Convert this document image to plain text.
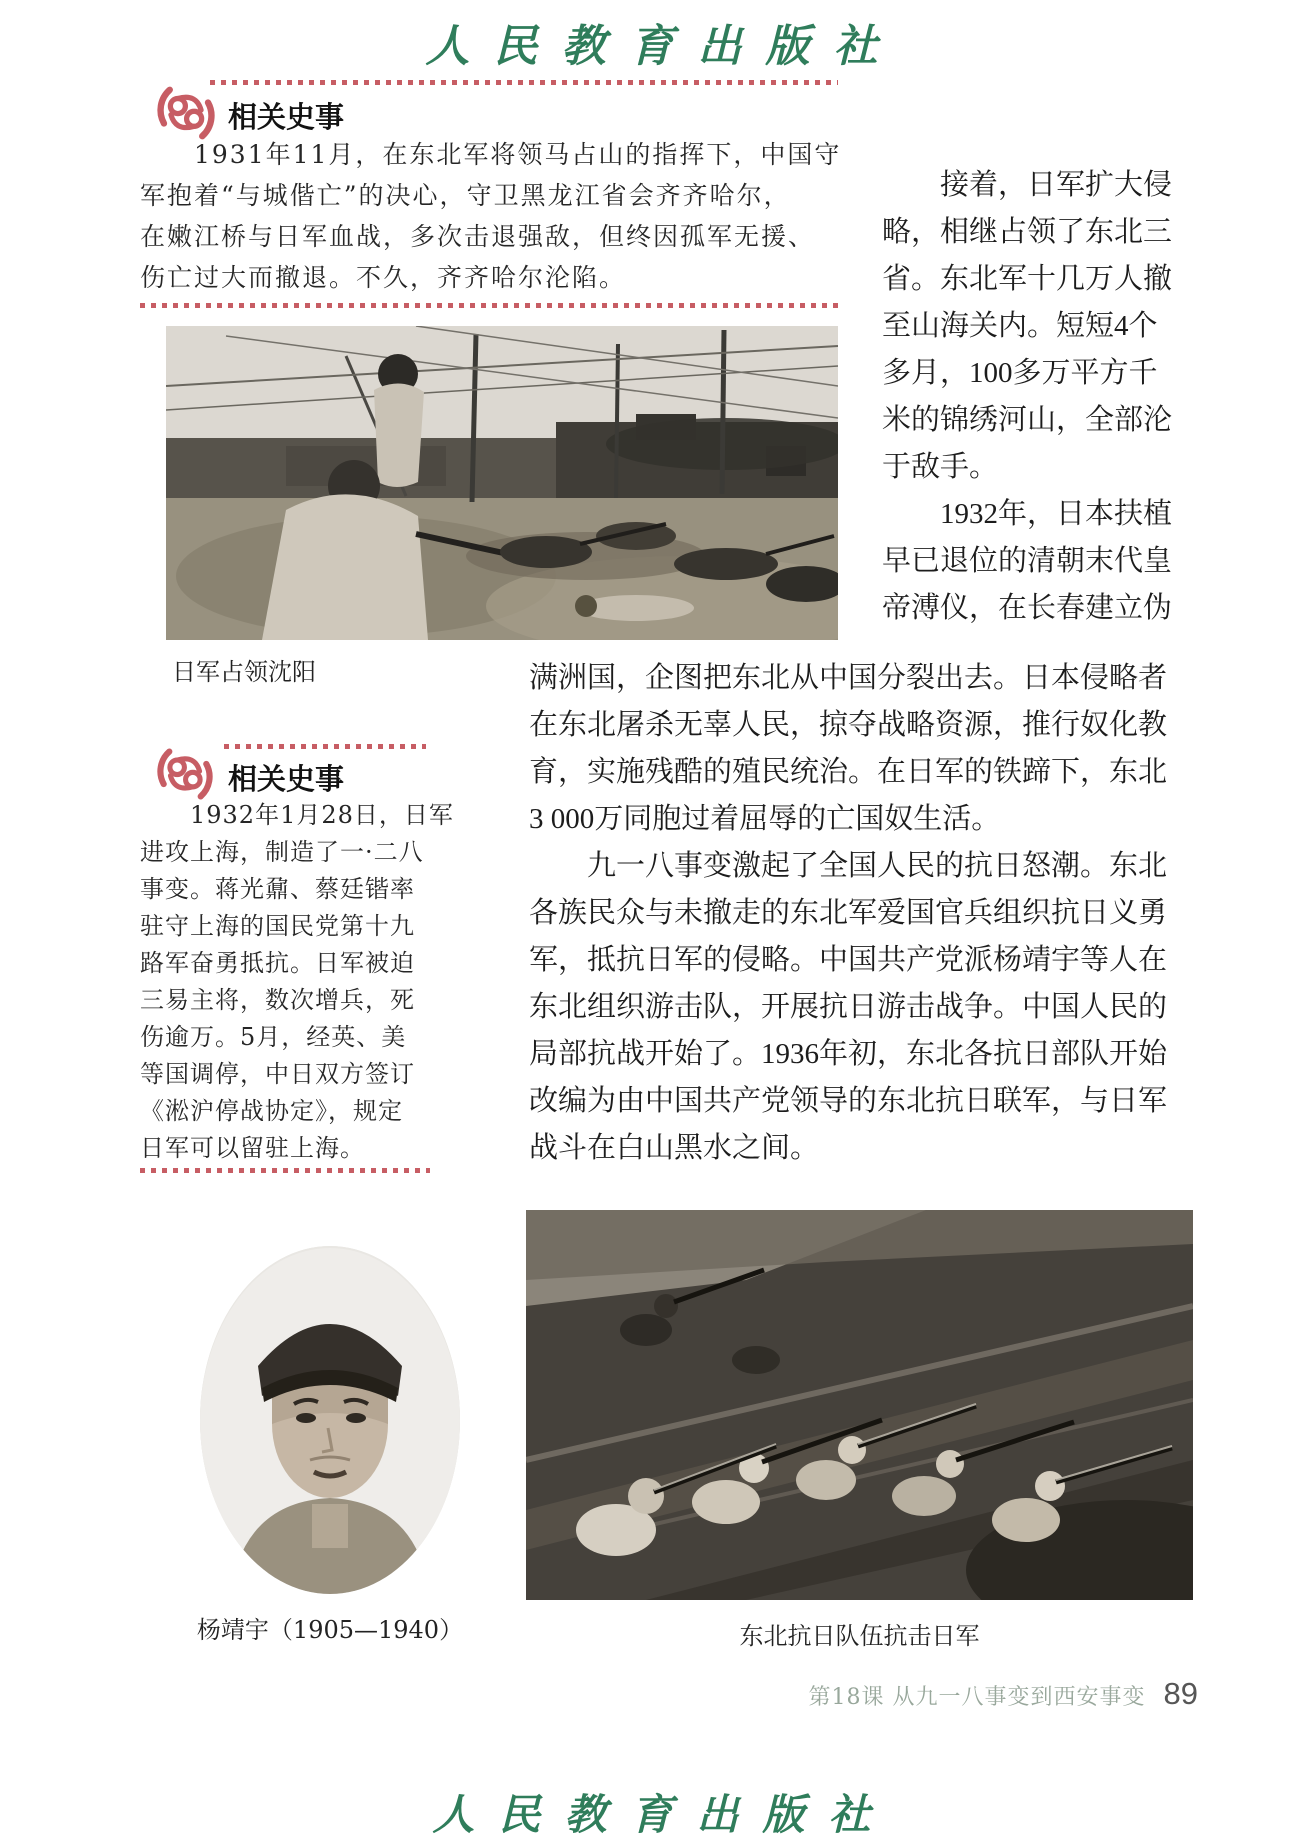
人民教育出版社
相关史事
　　1931年11月，在东北军将领马占山的指挥下，中国守
军抱着“与城偕亡”的决心，守卫黑龙江省会齐齐哈尔，
在嫩江桥与日军血战，多次击退强敌，但终因孤军无援、
伤亡过大而撤退。不久，齐齐哈尔沦陷。
日军占领沈阳
　　接着，日军扩大侵
略，相继占领了东北三
省。东北军十几万人撤
至山海关内。短短4个
多月，100多万平方千
米的锦绣河山，全部沦
于敌手。
　　1932年，日本扶植
早已退位的清朝末代皇
帝溥仪，在长春建立伪
满洲国，企图把东北从中国分裂出去。日本侵略者
在东北屠杀无辜人民，掠夺战略资源，推行奴化教
育，实施残酷的殖民统治。在日军的铁蹄下，东北
3 000万同胞过着屈辱的亡国奴生活。
　　九一八事变激起了全国人民的抗日怒潮。东北
各族民众与未撤走的东北军爱国官兵组织抗日义勇
军，抵抗日军的侵略。中国共产党派杨靖宇等人在
东北组织游击队，开展抗日游击战争。中国人民的
局部抗战开始了。1936年初，东北各抗日部队开始
改编为由中国共产党领导的东北抗日联军，与日军
战斗在白山黑水之间。
相关史事
　　1932年1月28日，日军
进攻上海，制造了一·二八
事变。蒋光鼐、蔡廷锴率
驻守上海的国民党第十九
路军奋勇抵抗。日军被迫
三易主将，数次增兵，死
伤逾万。5月，经英、美
等国调停，中日双方签订
《淞沪停战协定》，规定
日军可以留驻上海。
杨靖宇（1905—1940）	东北抗日队伍抗击日军
第18课 从九一八事变到西安事变 89
人民教育出版社
